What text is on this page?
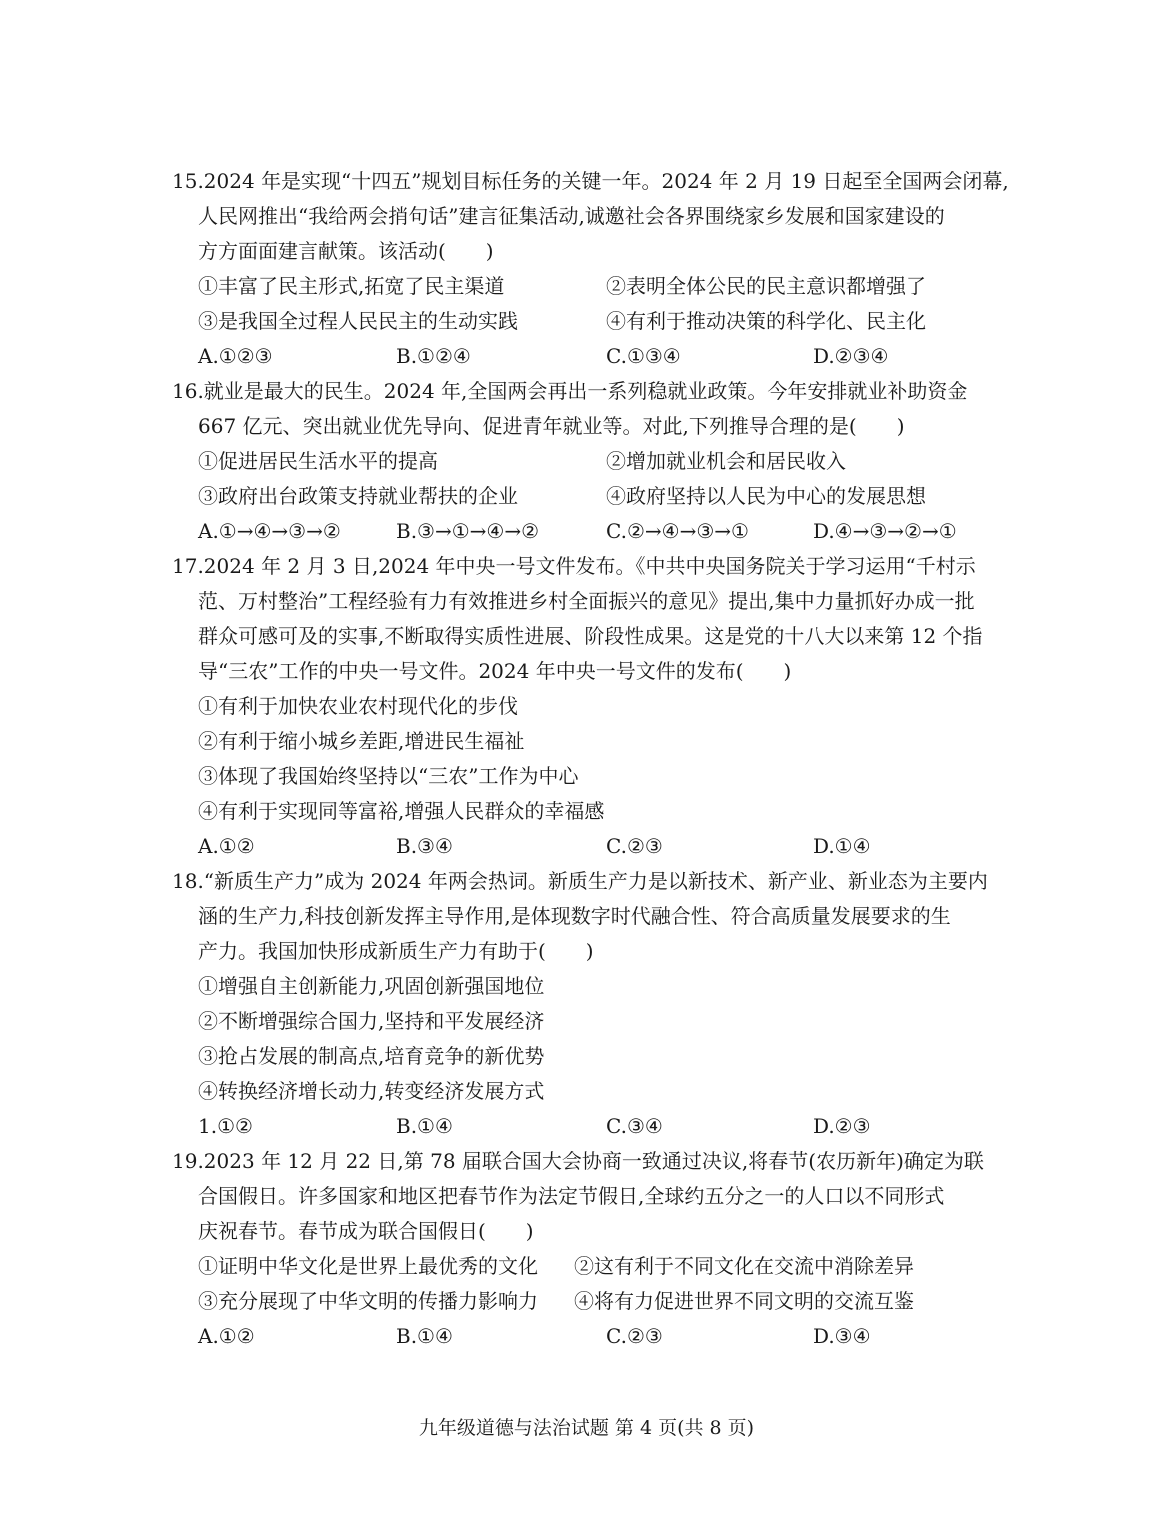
15.2024 年是实现“十四五”规划目标任务的关键一年。2024 年 2 月 19 日起至全国两会闭幕,
人民网推出“我给两会捎句话”建言征集活动,诚邀社会各界围绕家乡发展和国家建设的
方方面面建言献策。该活动(　　)
①丰富了民主形式,拓宽了民主渠道	②表明全体公民的民主意识都增强了
③是我国全过程人民民主的生动实践	④有利于推动决策的科学化、民主化
A.①②③	B.①②④	C.①③④	D.②③④
16.就业是最大的民生。2024 年,全国两会再出一系列稳就业政策。今年安排就业补助资金
667 亿元、突出就业优先导向、促进青年就业等。对此,下列推导合理的是(　　)
①促进居民生活水平的提高	②增加就业机会和居民收入
③政府出台政策支持就业帮扶的企业	④政府坚持以人民为中心的发展思想
A.①→④→③→②	B.③→①→④→②	C.②→④→③→①	D.④→③→②→①
17.2024 年 2 月 3 日,2024 年中央一号文件发布。《中共中央国务院关于学习运用“千村示
范、万村整治”工程经验有力有效推进乡村全面振兴的意见》提出,集中力量抓好办成一批
群众可感可及的实事,不断取得实质性进展、阶段性成果。这是党的十八大以来第 12 个指
导“三农”工作的中央一号文件。2024 年中央一号文件的发布(　　)
①有利于加快农业农村现代化的步伐
②有利于缩小城乡差距,增进民生福祉
③体现了我国始终坚持以“三农”工作为中心
④有利于实现同等富裕,增强人民群众的幸福感
A.①②	B.③④	C.②③	D.①④
18.“新质生产力”成为 2024 年两会热词。新质生产力是以新技术、新产业、新业态为主要内
涵的生产力,科技创新发挥主导作用,是体现数字时代融合性、符合高质量发展要求的生
产力。我国加快形成新质生产力有助于(　　)
①增强自主创新能力,巩固创新强国地位
②不断增强综合国力,坚持和平发展经济
③抢占发展的制高点,培育竞争的新优势
④转换经济增长动力,转变经济发展方式
1.①②	B.①④	C.③④	D.②③
19.2023 年 12 月 22 日,第 78 届联合国大会协商一致通过决议,将春节(农历新年)确定为联
合国假日。许多国家和地区把春节作为法定节假日,全球约五分之一的人口以不同形式
庆祝春节。春节成为联合国假日(　　)
①证明中华文化是世界上最优秀的文化 ②这有利于不同文化在交流中消除差异
③充分展现了中华文明的传播力影响力 ④将有力促进世界不同文明的交流互鉴
A.①②	B.①④	C.②③	D.③④
九年级道德与法治试题 第 4 页(共 8 页)
